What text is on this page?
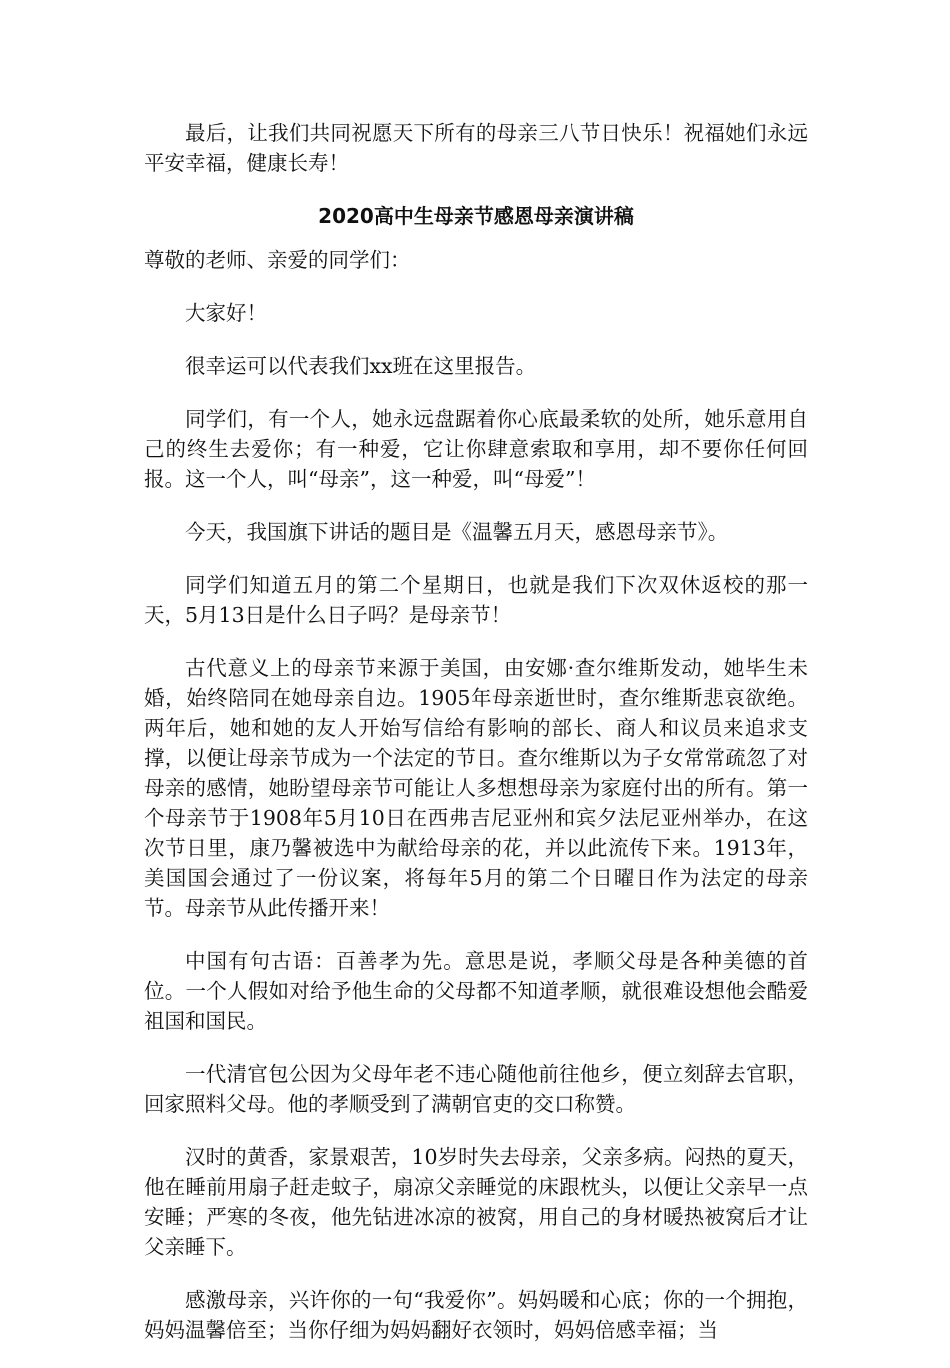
最后，让我们共同祝愿天下所有的母亲三八节日快乐！祝福她们永远平安幸福，健康长寿！

2020高中生母亲节感恩母亲演讲稿

尊敬的老师、亲爱的同学们：

大家好！

很幸运可以代表我们xx班在这里报告。

同学们，有一个人，她永远盘踞着你心底最柔软的处所，她乐意用自己的终生去爱你；有一种爱，它让你肆意索取和享用，却不要你任何回报。这一个人，叫“母亲”，这一种爱，叫“母爱”！

今天，我国旗下讲话的题目是《温馨五月天，感恩母亲节》。

同学们知道五月的第二个星期日，也就是我们下次双休返校的那一天，5月13日是什么日子吗？是母亲节！

古代意义上的母亲节来源于美国，由安娜·查尔维斯发动，她毕生未婚，始终陪同在她母亲自边。1905年母亲逝世时，查尔维斯悲哀欲绝。两年后，她和她的友人开始写信给有影响的部长、商人和议员来追求支撑，以便让母亲节成为一个法定的节日。查尔维斯以为子女常常疏忽了对母亲的感情，她盼望母亲节可能让人多想想母亲为家庭付出的所有。第一个母亲节于1908年5月10日在西弗吉尼亚州和宾夕法尼亚州举办，在这次节日里，康乃馨被选中为献给母亲的花，并以此流传下来。1913年，美国国会通过了一份议案，将每年5月的第二个日曜日作为法定的母亲节。母亲节从此传播开来！

中国有句古语：百善孝为先。意思是说，孝顺父母是各种美德的首位。一个人假如对给予他生命的父母都不知道孝顺，就很难设想他会酷爱祖国和国民。

一代清官包公因为父母年老不违心随他前往他乡，便立刻辞去官职，回家照料父母。他的孝顺受到了满朝官吏的交口称赞。

汉时的黄香，家景艰苦，10岁时失去母亲，父亲多病。闷热的夏天，他在睡前用扇子赶走蚊子，扇凉父亲睡觉的床跟枕头，以便让父亲早一点安睡；严寒的冬夜，他先钻进冰凉的被窝，用自己的身材暖热被窝后才让父亲睡下。

感激母亲，兴许你的一句“我爱你”。妈妈暖和心底；你的一个拥抱，妈妈温馨倍至；当你仔细为妈妈翻好衣领时，妈妈倍感幸福；当
